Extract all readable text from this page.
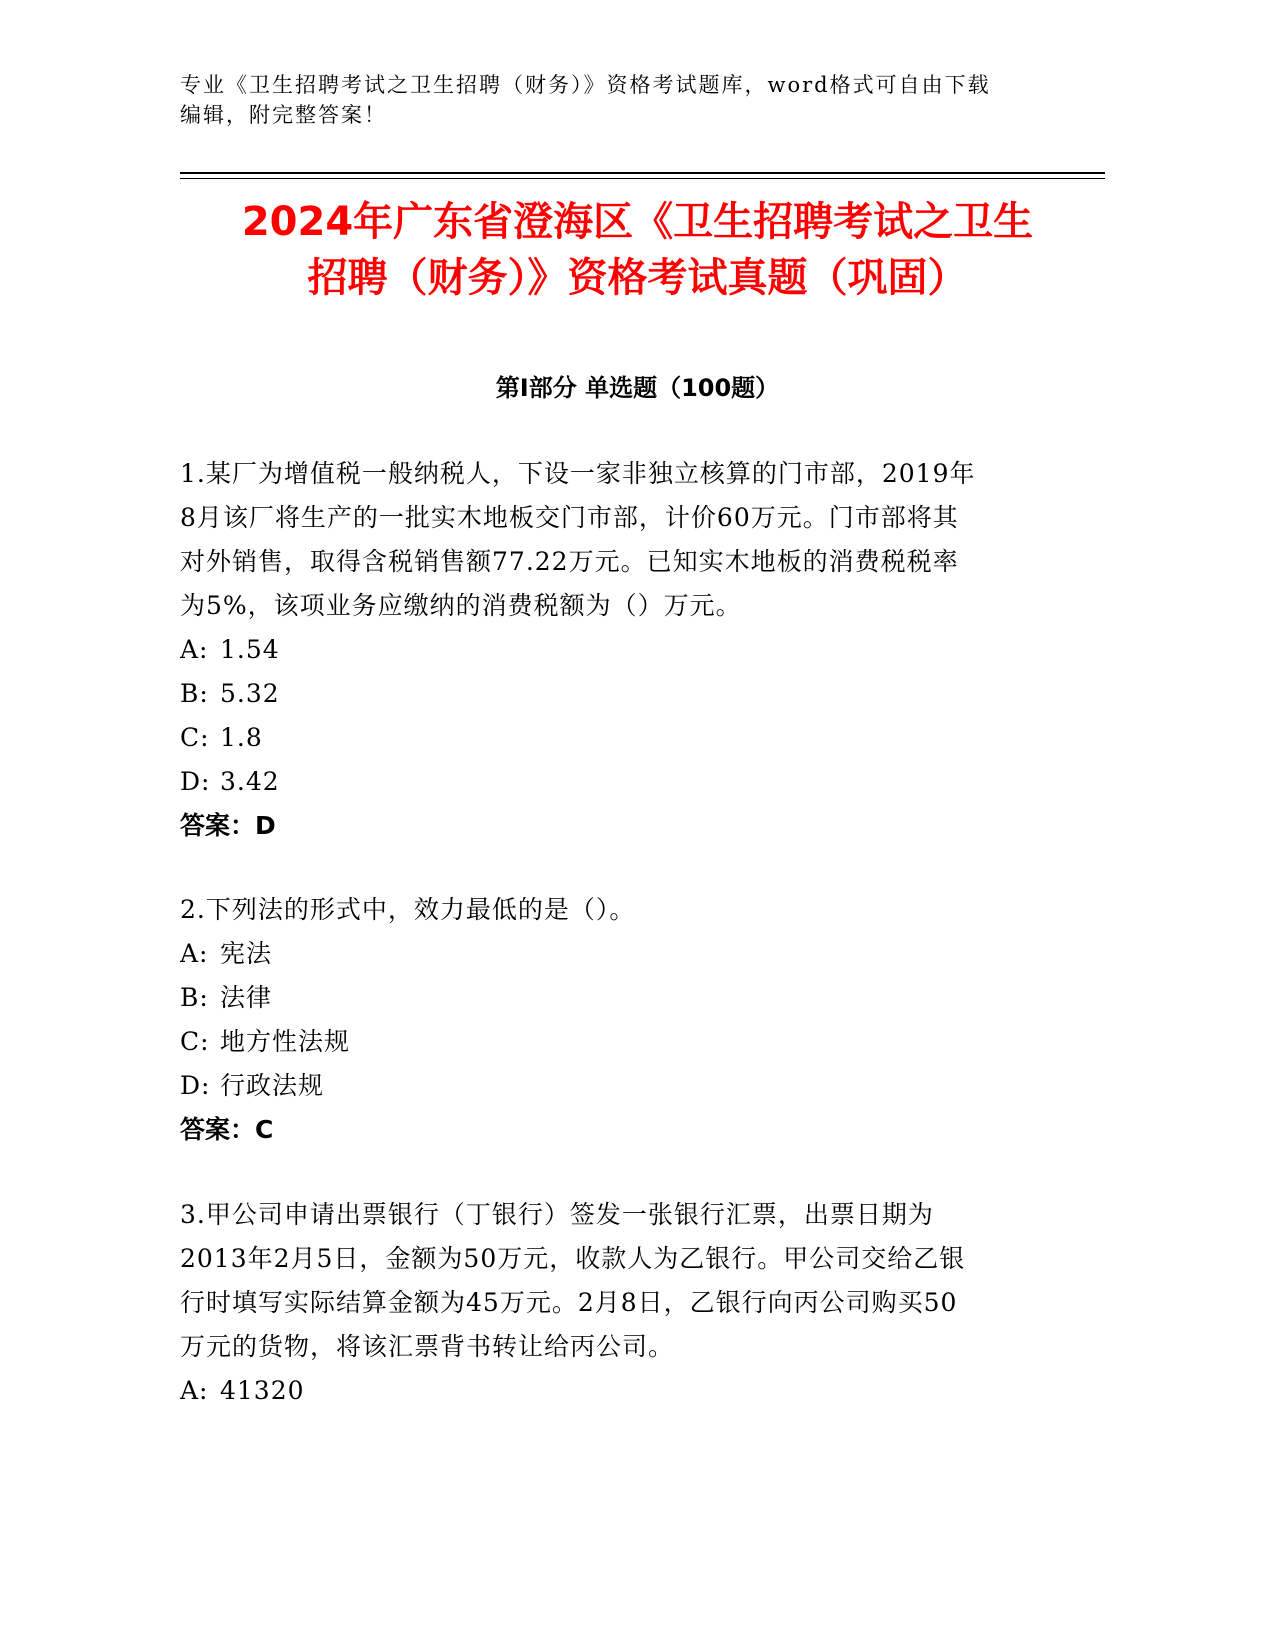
专业《卫生招聘考试之卫生招聘（财务）》资格考试题库，word格式可自由下载
编辑，附完整答案！
2024年广东省澄海区《卫生招聘考试之卫生
招聘（财务）》资格考试真题（巩固）
第Ⅰ部分 单选题（100题）
1.某厂为增值税一般纳税人，下设一家非独立核算的门市部，2019年
8月该厂将生产的一批实木地板交门市部，计价60万元。门市部将其
对外销售，取得含税销售额77.22万元。已知实木地板的消费税税率
为5%，该项业务应缴纳的消费税额为（）万元。
A: 1.54
B: 5.32
C: 1.8
D: 3.42
答案：D
2.下列法的形式中，效力最低的是（）。
A: 宪法
B: 法律
C: 地方性法规
D: 行政法规
答案：C
3.甲公司申请出票银行（丁银行）签发一张银行汇票，出票日期为
2013年2月5日，金额为50万元，收款人为乙银行。甲公司交给乙银
行时填写实际结算金额为45万元。2月8日，乙银行向丙公司购买50
万元的货物，将该汇票背书转让给丙公司。
A: 41320
